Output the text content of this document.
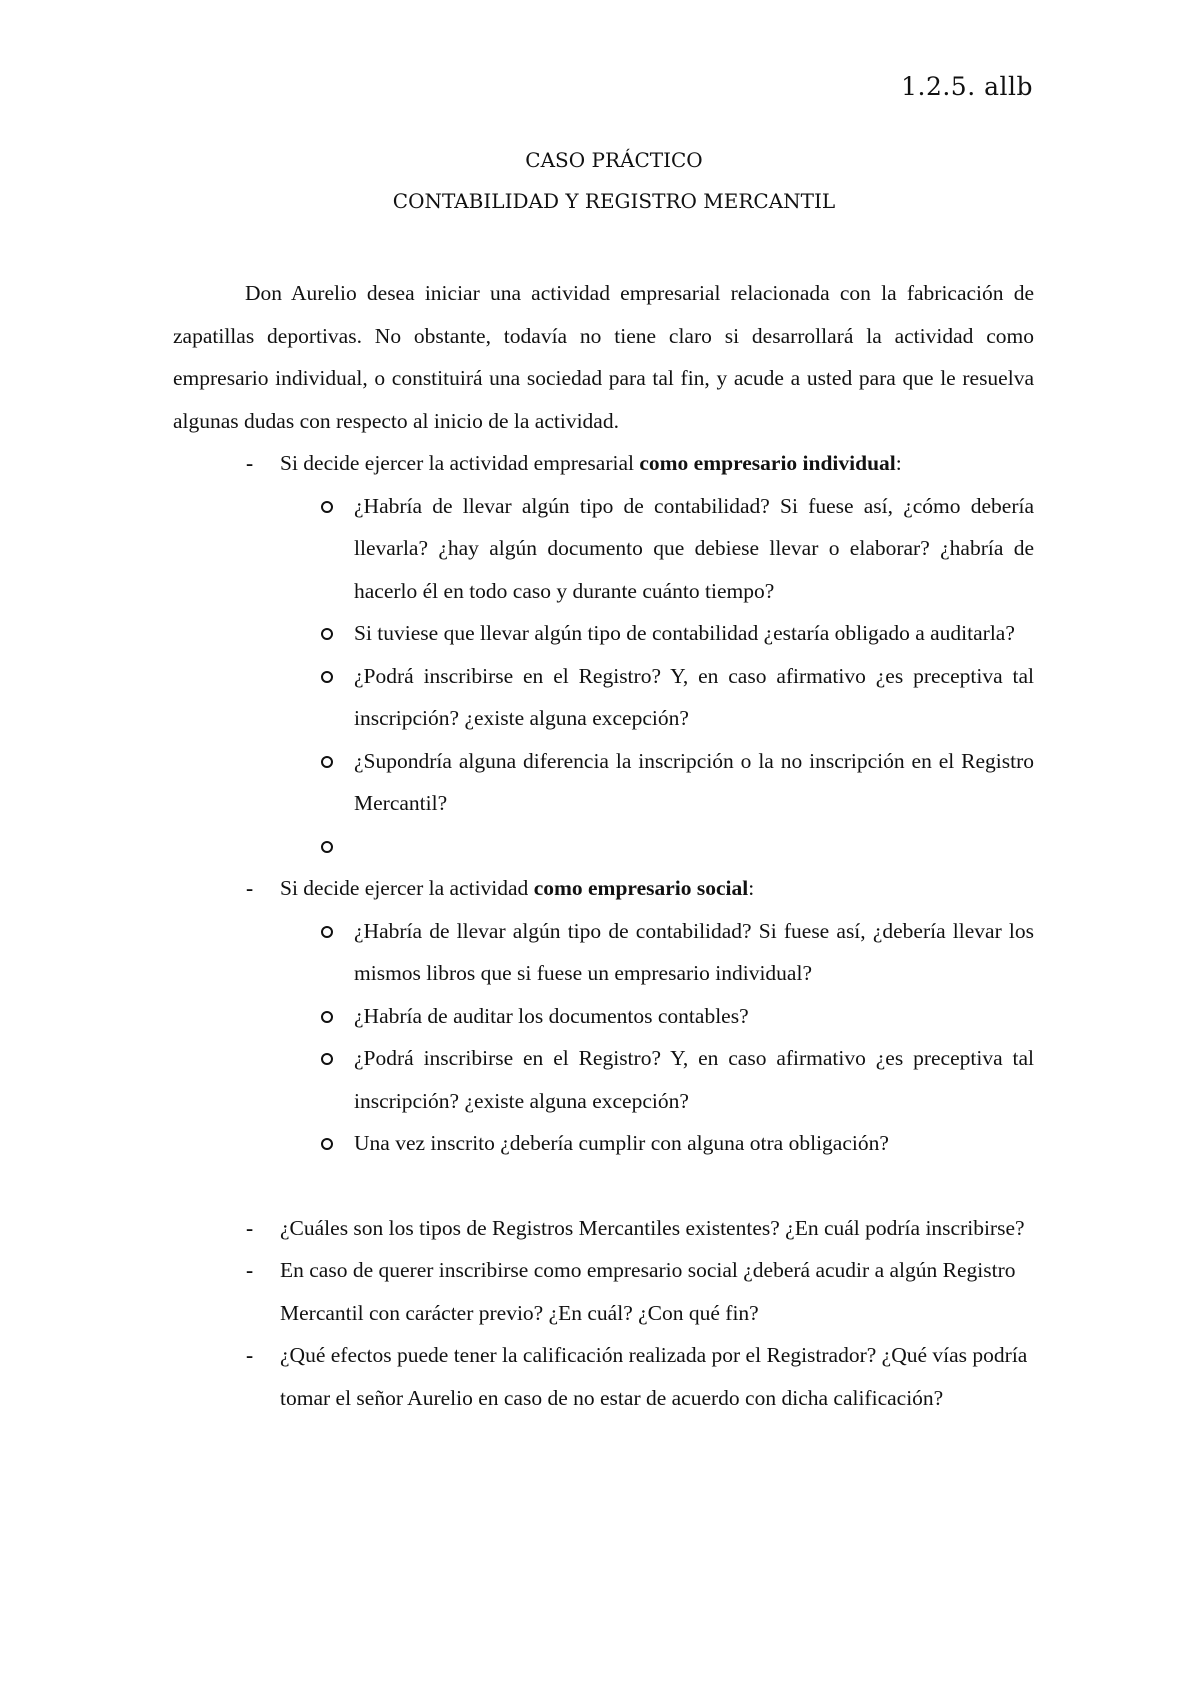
1.2.5. allb
CASO PRÁCTICO
CONTABILIDAD Y REGISTRO MERCANTIL

Don Aurelio desea iniciar una actividad empresarial relacionada con la fabricación de zapatillas deportivas. No obstante, todavía no tiene claro si desarrollará la actividad como empresario individual, o constituirá una sociedad para tal fin, y acude a usted para que le resuelva algunas dudas con respecto al inicio de la actividad.

- Si decide ejercer la actividad empresarial como empresario individual:
¿Habría de llevar algún tipo de contabilidad? Si fuese así, ¿cómo debería llevarla? ¿hay algún documento que debiese llevar o elaborar? ¿habría de hacerlo él en todo caso y durante cuánto tiempo?
Si tuviese que llevar algún tipo de contabilidad ¿estaría obligado a auditarla?
¿Podrá inscribirse en el Registro? Y, en caso afirmativo ¿es preceptiva tal inscripción? ¿existe alguna excepción?
¿Supondría alguna diferencia la inscripción o la no inscripción en el Registro Mercantil?
- Si decide ejercer la actividad como empresario social:
¿Habría de llevar algún tipo de contabilidad? Si fuese así, ¿debería llevar los mismos libros que si fuese un empresario individual?
¿Habría de auditar los documentos contables?
¿Podrá inscribirse en el Registro? Y, en caso afirmativo ¿es preceptiva tal inscripción? ¿existe alguna excepción?
Una vez inscrito ¿debería cumplir con alguna otra obligación?
- ¿Cuáles son los tipos de Registros Mercantiles existentes? ¿En cuál podría inscribirse?
- En caso de querer inscribirse como empresario social ¿deberá acudir a algún Registro Mercantil con carácter previo? ¿En cuál? ¿Con qué fin?
- ¿Qué efectos puede tener la calificación realizada por el Registrador? ¿Qué vías podría tomar el señor Aurelio en caso de no estar de acuerdo con dicha calificación?
